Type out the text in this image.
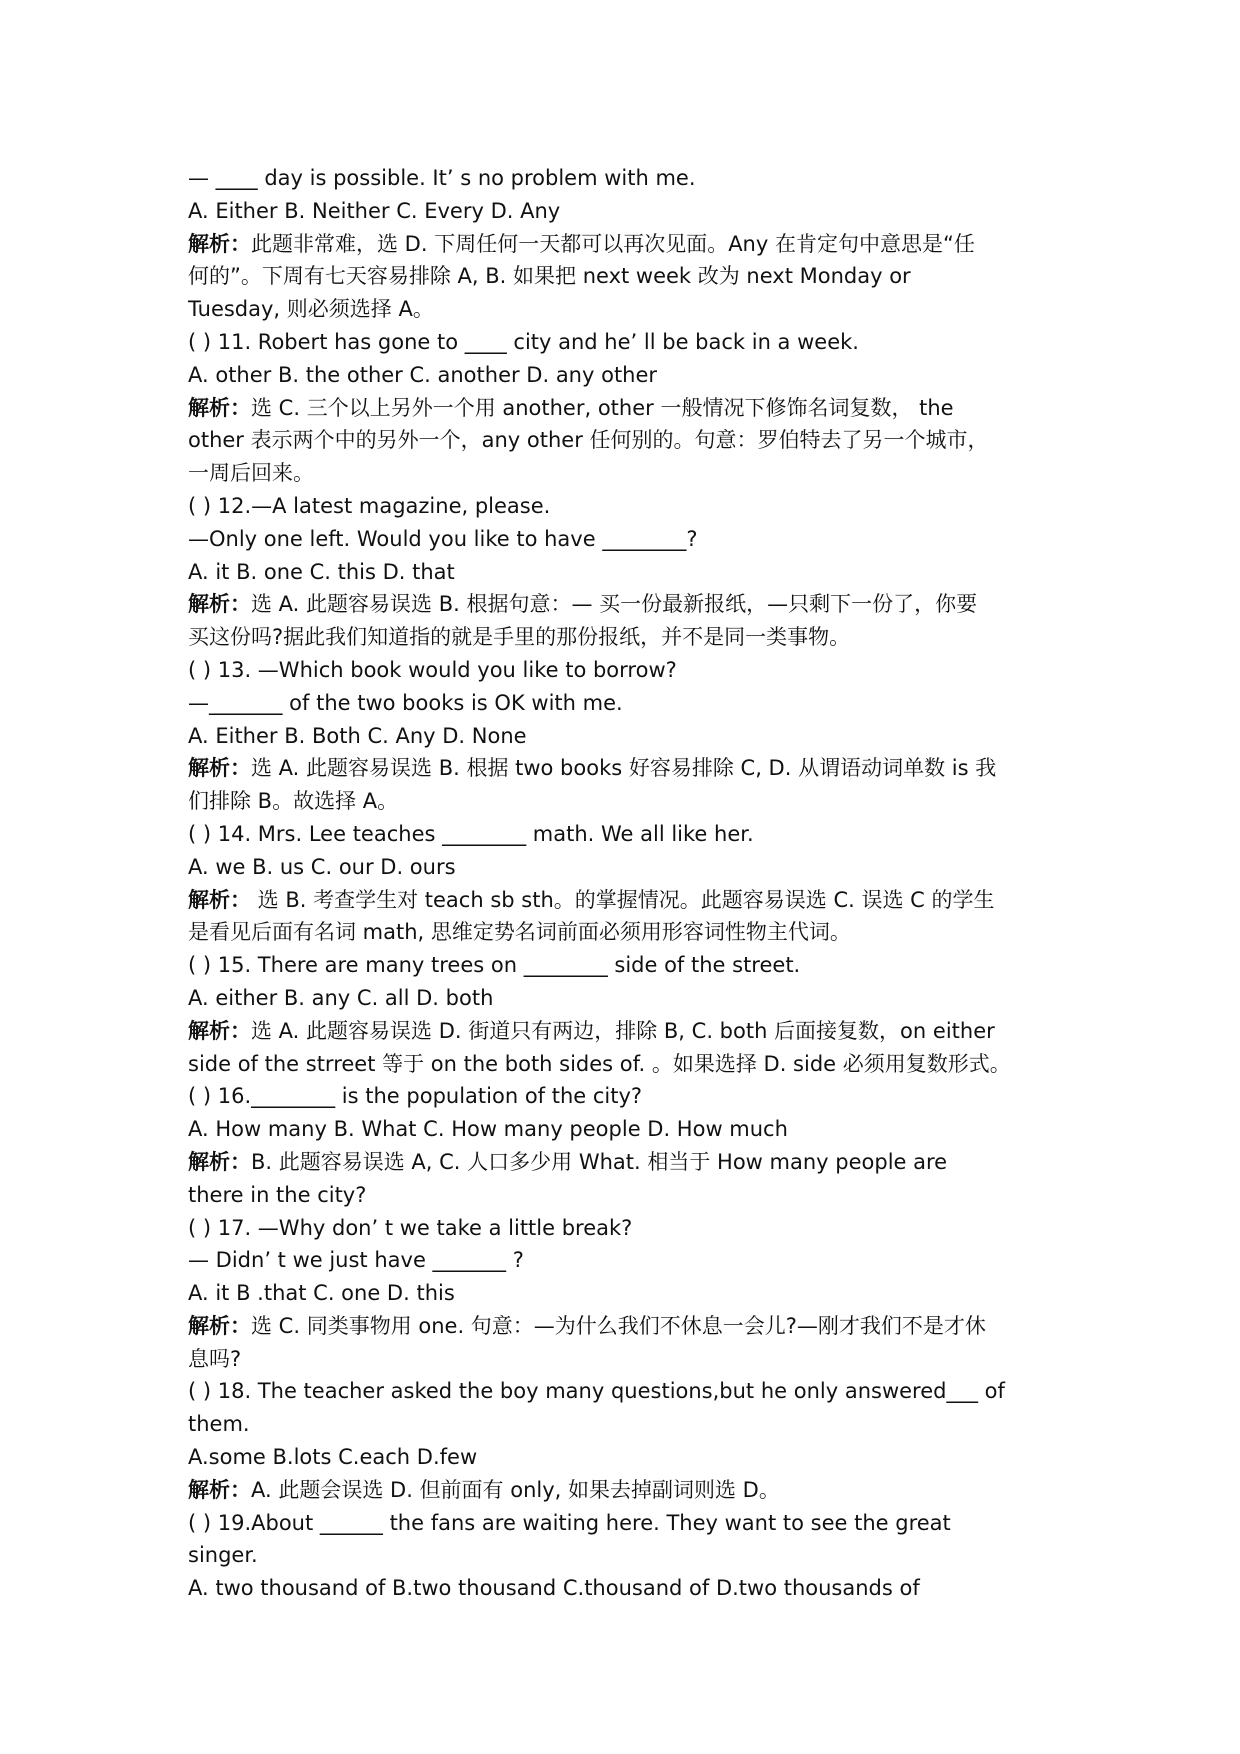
— ____ day is possible. It’ s no problem with me.

A. Either B. Neither C. Every D. Any

解析：此题非常难，选 D. 下周任何一天都可以再次见面。Any 在肯定句中意思是“任

何的”。下周有七天容易排除 A, B. 如果把 next week 改为 next Monday or

Tuesday, 则必须选择 A。

( ) 11. Robert has gone to ____ city and he’ ll be back in a week.

A. other B. the other C. another D. any other

解析：选 C. 三个以上另外一个用 another, other 一般情况下修饰名词复数， the

other 表示两个中的另外一个，any other 任何别的。句意：罗伯特去了另一个城市，

一周后回来。

( ) 12.—A latest magazine, please.

—Only one left. Would you like to have ________?

A. it B. one C. this D. that

解析：选 A. 此题容易误选 B. 根据句意：— 买一份最新报纸，—只剩下一份了，你要

买这份吗?据此我们知道指的就是手里的那份报纸，并不是同一类事物。

( ) 13. —Which book would you like to borrow?

—_______ of the two books is OK with me.

A. Either B. Both C. Any D. None

解析：选 A. 此题容易误选 B. 根据 two books 好容易排除 C, D. 从谓语动词单数 is 我

们排除 B。故选择 A。

( ) 14. Mrs. Lee teaches ________ math. We all like her.

A. we B. us C. our D. ours

解析： 选 B. 考查学生对 teach sb sth。的掌握情况。此题容易误选 C. 误选 C 的学生

是看见后面有名词 math, 思维定势名词前面必须用形容词性物主代词。

( ) 15. There are many trees on ________ side of the street.

A. either B. any C. all D. both

解析：选 A. 此题容易误选 D. 街道只有两边，排除 B, C. both 后面接复数，on either

side of the strreet 等于 on the both sides of. 。如果选择 D. side 必须用复数形式。

( ) 16.________ is the population of the city?

A. How many B. What C. How many people D. How much

解析：B. 此题容易误选 A, C. 人口多少用 What. 相当于 How many people are

there in the city?

( ) 17. —Why don’ t we take a little break?

— Didn’ t we just have _______ ?

A. it B .that C. one D. this

解析：选 C. 同类事物用 one. 句意：—为什么我们不休息一会儿?—刚才我们不是才休

息吗?

( ) 18. The teacher asked the boy many questions,but he only answered___ of

them.

A.some B.lots C.each D.few

解析：A. 此题会误选 D. 但前面有 only, 如果去掉副词则选 D。

( ) 19.About ______ the fans are waiting here. They want to see the great

singer.

A. two thousand of B.two thousand C.thousand of D.two thousands of
